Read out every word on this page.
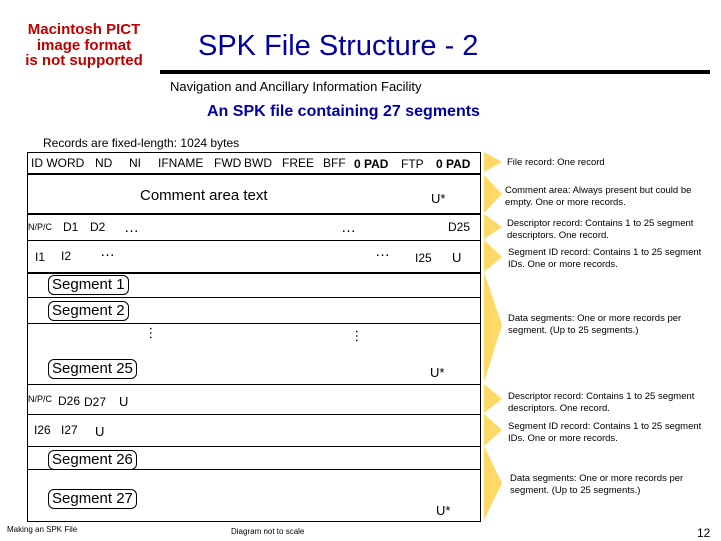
Macintosh PICT
image format
is not supported	SPK File Structure - 2
Navigation and Ancillary Information Facility
An SPK file containing 27 segments
Records are fixed-length: 1024 bytes
ID WORD ND NI IFNAME FWD BWD FREE BFF 0 PAD FTP 0 PAD
Comment area text	U*
N/P/C D1 D2 …	…	D25
I1 I2 …	… I25 U
Segment 1
Segment 2
…	…
Segment 25	U*
N/P/C D26 D27 U
I26 I27 U
Segment 26
Segment 27
U*
File record: One record
Comment area: Always present but could be empty. One or more records.
Descriptor record: Contains 1 to 25 segment descriptors. One record.
Segment ID record: Contains 1 to 25 segment IDs. One or more records.
Data segments: One or more records per segment. (Up to 25 segments.)
Descriptor record: Contains 1 to 25 segment descriptors. One record.
Segment ID record: Contains 1 to 25 segment IDs. One or more records.
Data segments: One or more records per segment. (Up to 25 segments.)
Making an SPK File	Diagram not to scale	12
